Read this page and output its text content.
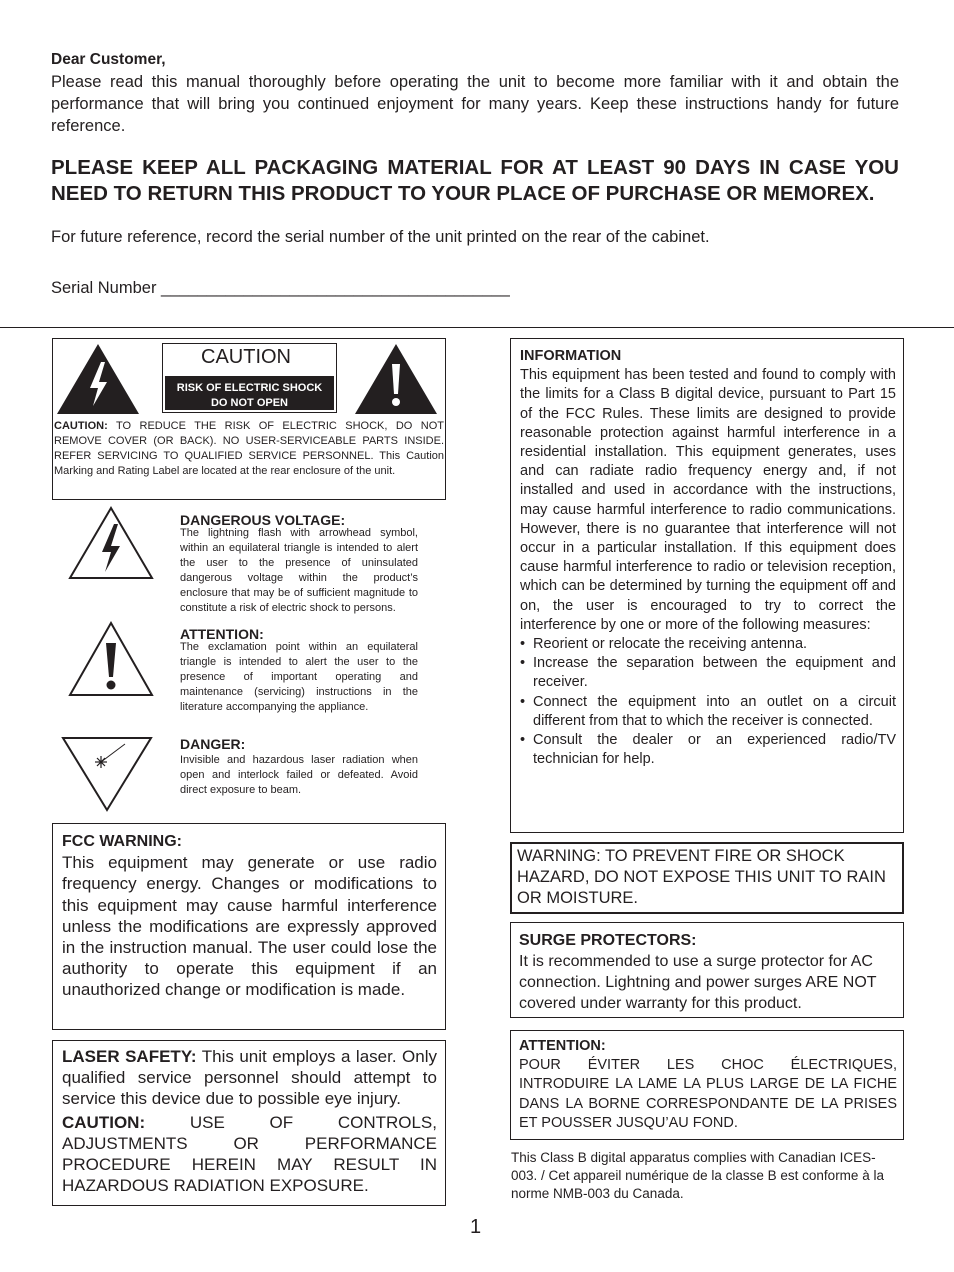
Dear Customer,
Please read this manual thoroughly before operating the unit to become more familiar with it and obtain the performance that will bring you continued enjoyment for many years. Keep these instructions handy for future reference.
PLEASE KEEP ALL PACKAGING MATERIAL FOR AT LEAST 90 DAYS IN CASE YOU NEED TO RETURN THIS PRODUCT TO YOUR PLACE OF PURCHASE OR MEMOREX.
For future reference, record the serial number of the unit printed on the rear of the cabinet.
Serial Number ______________________________________
CAUTION
RISK OF ELECTRIC SHOCK
DO NOT OPEN
CAUTION: TO REDUCE THE RISK OF ELECTRIC SHOCK, DO NOT REMOVE COVER (OR BACK). NO USER-SERVICEABLE PARTS INSIDE. REFER SERVICING TO QUALIFIED SERVICE PERSONNEL. This Caution Marking and Rating Label are located at the rear enclosure of the unit.
DANGEROUS VOLTAGE:
The lightning flash with arrowhead symbol, within an equilateral triangle is intended to alert the user to the presence of uninsulated dangerous voltage within the product’s enclosure that may be of sufficient magnitude to constitute a risk of electric shock to persons.
ATTENTION:
The exclamation point within an equilateral triangle is intended to alert the user to the presence of important operating and maintenance (servicing) instructions in the literature accompanying the appliance.
DANGER:
Invisible and hazardous laser radiation when open and interlock failed or defeated. Avoid direct exposure to beam.
FCC WARNING:
This equipment may generate or use radio frequency energy. Changes or modifications to this equipment may cause harmful interference unless the modifications are expressly approved in the instruction manual. The user could lose the authority to operate this equipment if an unauthorized change or modification is made.
LASER SAFETY: This unit employs a laser. Only qualified service personnel should attempt to service this device due to possible eye injury.
CAUTION:	USE OF CONTROLS, ADJUSTMENTS OR PERFORMANCE PROCEDURE HEREIN MAY RESULT IN HAZARDOUS RADIATION EXPOSURE.
INFORMATION
This equipment has been tested and found to comply with the limits for a Class B digital device, pursuant to Part 15 of the FCC Rules. These limits are designed to provide reasonable protection against harmful interference in a residential installation. This equipment generates, uses and can radiate radio frequency energy and, if not installed and used in accordance with the instructions, may cause harmful interference to radio communications. However, there is no guarantee that interference will not occur in a particular installation. If this equipment does cause harmful interference to radio or television reception, which can be determined by turning the equipment off and on, the user is encouraged to try to correct the interference by one or more of the following measures:
• Reorient or relocate the receiving antenna.
• Increase the separation between the equipment and receiver.
• Connect the equipment into an outlet on a circuit different from that to which the receiver is connected.
• Consult the dealer or an experienced radio/TV technician for help.
WARNING: TO PREVENT FIRE OR SHOCK HAZARD, DO NOT EXPOSE THIS UNIT TO RAIN OR MOISTURE.
SURGE PROTECTORS:
It is recommended to use a surge protector for AC connection. Lightning and power surges ARE NOT covered under warranty for this product.
ATTENTION:
POUR ÉVITER LES CHOC ÉLECTRIQUES, INTRODUIRE LA LAME LA PLUS LARGE DE LA FICHE DANS LA BORNE CORRESPONDANTE DE LA PRISES ET POUSSER JUSQU’AU FOND.
This Class B digital apparatus complies with Canadian ICES-003. / Cet appareil numérique de la classe B est conforme à la norme NMB-003 du Canada.
1
